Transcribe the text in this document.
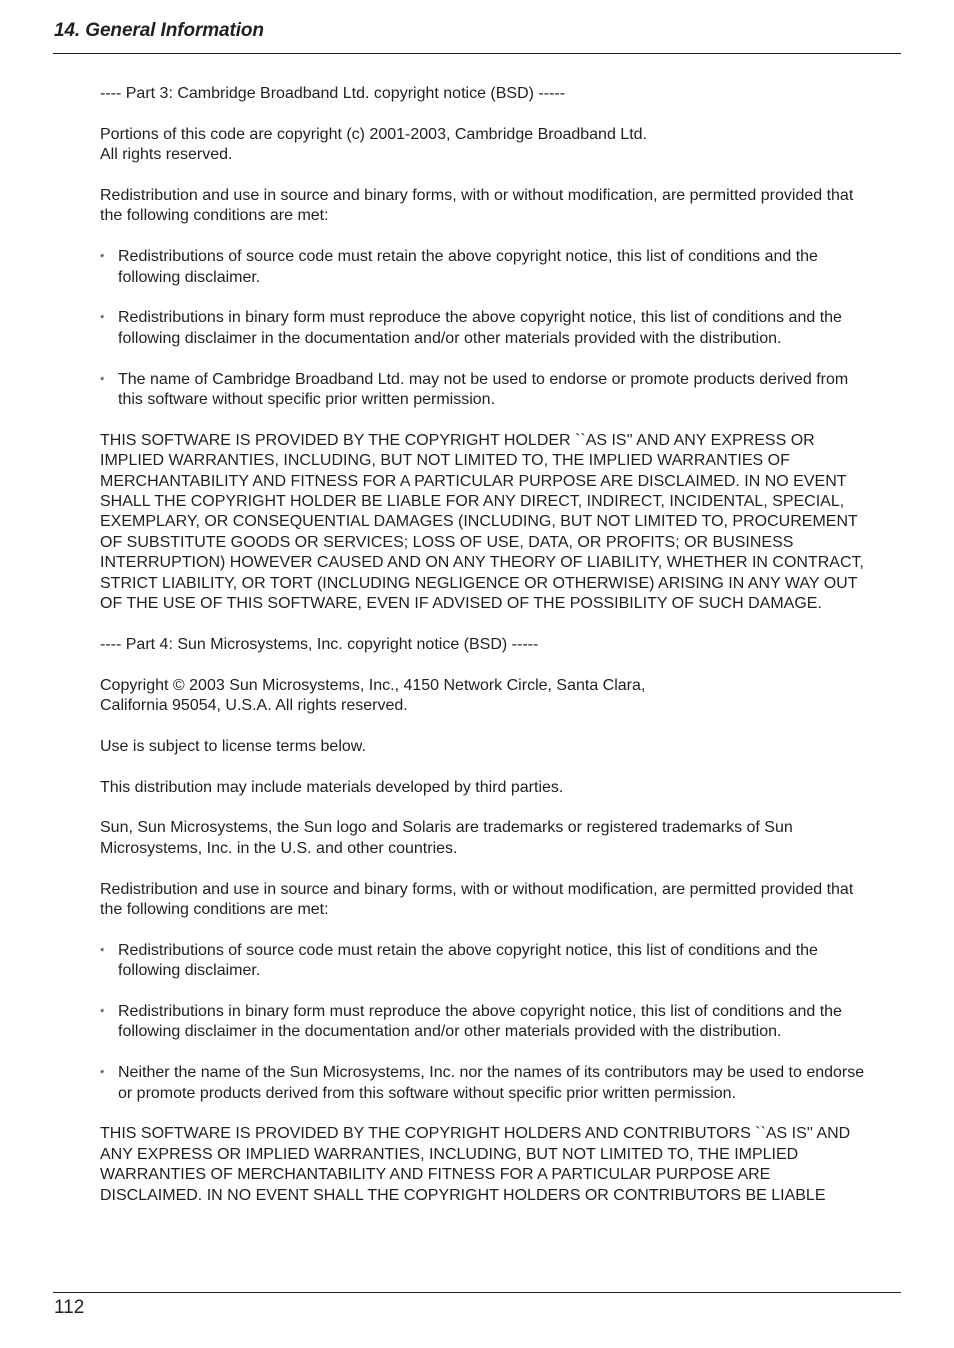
14. General Information

---- Part 3: Cambridge Broadband Ltd. copyright notice (BSD) -----

Portions of this code are copyright (c) 2001-2003, Cambridge Broadband Ltd.
All rights reserved.

Redistribution and use in source and binary forms, with or without modification, are permitted provided that the following conditions are met:

* Redistributions of source code must retain the above copyright notice, this list of conditions and the following disclaimer.
* Redistributions in binary form must reproduce the above copyright notice, this list of conditions and the following disclaimer in the documentation and/or other materials provided with the distribution.
* The name of Cambridge Broadband Ltd. may not be used to endorse or promote products derived from this software without specific prior written permission.

THIS SOFTWARE IS PROVIDED BY THE COPYRIGHT HOLDER ``AS IS'' AND ANY EXPRESS OR IMPLIED WARRANTIES, INCLUDING, BUT NOT LIMITED TO, THE IMPLIED WARRANTIES OF MERCHANTABILITY AND FITNESS FOR A PARTICULAR PURPOSE ARE DISCLAIMED. IN NO EVENT SHALL THE COPYRIGHT HOLDER BE LIABLE FOR ANY DIRECT, INDIRECT, INCIDENTAL, SPECIAL, EXEMPLARY, OR CONSEQUENTIAL DAMAGES (INCLUDING, BUT NOT LIMITED TO, PROCUREMENT OF SUBSTITUTE GOODS OR SERVICES; LOSS OF USE, DATA, OR PROFITS; OR BUSINESS INTERRUPTION) HOWEVER CAUSED AND ON ANY THEORY OF LIABILITY, WHETHER IN CONTRACT, STRICT LIABILITY, OR TORT (INCLUDING NEGLIGENCE OR OTHERWISE) ARISING IN ANY WAY OUT OF THE USE OF THIS SOFTWARE, EVEN IF ADVISED OF THE POSSIBILITY OF SUCH DAMAGE.

---- Part 4: Sun Microsystems, Inc. copyright notice (BSD) -----

Copyright © 2003 Sun Microsystems, Inc., 4150 Network Circle, Santa Clara,
California 95054, U.S.A. All rights reserved.

Use is subject to license terms below.

This distribution may include materials developed by third parties.

Sun, Sun Microsystems, the Sun logo and Solaris are trademarks or registered trademarks of Sun Microsystems, Inc. in the U.S. and other countries.

Redistribution and use in source and binary forms, with or without modification, are permitted provided that the following conditions are met:

* Redistributions of source code must retain the above copyright notice, this list of conditions and the following disclaimer.
* Redistributions in binary form must reproduce the above copyright notice, this list of conditions and the following disclaimer in the documentation and/or other materials provided with the distribution.
* Neither the name of the Sun Microsystems, Inc. nor the names of its contributors may be used to endorse or promote products derived from this software without specific prior written permission.

THIS SOFTWARE IS PROVIDED BY THE COPYRIGHT HOLDERS AND CONTRIBUTORS ``AS IS'' AND ANY EXPRESS OR IMPLIED WARRANTIES, INCLUDING, BUT NOT LIMITED TO, THE IMPLIED WARRANTIES OF MERCHANTABILITY AND FITNESS FOR A PARTICULAR PURPOSE ARE DISCLAIMED. IN NO EVENT SHALL THE COPYRIGHT HOLDERS OR CONTRIBUTORS BE LIABLE

112
